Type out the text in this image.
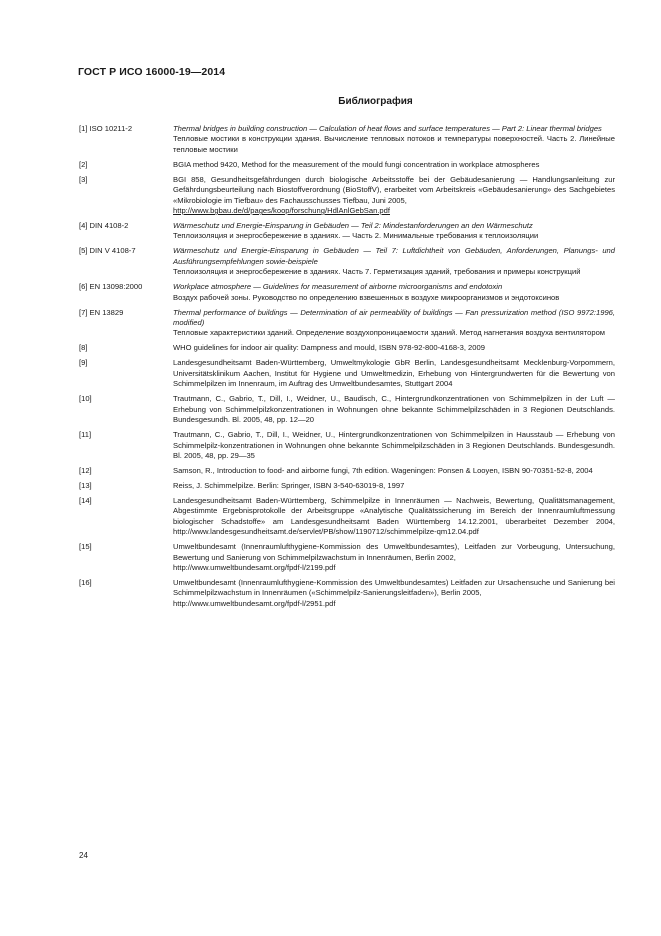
ГОСТ Р ИСО 16000-19—2014
Библиография
[1] ISO 10211-2	Thermal bridges in building construction — Calculation of heat flows and surface temperatures — Part 2: Linear thermal bridges

Тепловые мостики в конструкции здания. Вычисление тепловых потоков и температуры поверхностей. Часть 2. Линейные тепловые мостики

[2]	BGIA method 9420, Method for the measurement of the mould fungi concentration in workplace atmospheres

[3]	BGI 858, Gesundheitsgefährdungen durch biologische Arbeitsstoffe bei der Gebäudesanierung — Handlungsanleitung zur Gefährdungsbeurteilung nach Biostoffverordnung (BioStoffV), erarbeitet vom Arbeitskreis «Gebäudesanierung» des Sachgebietes «Mikrobiologie im Tiefbau» des Fachausschusses Tiefbau, Juni 2005,

http://www.bgbau.de/d/pages/koop/forschung/HdlAnlGebSan.pdf

[4] DIN 4108-2	Wärmeschutz und Energie-Einsparung in Gebäuden — Teil 2: Mindestanforderungen an den Wärmeschutz

Теплоизоляция и энергосбережение в зданиях. — Часть 2. Минимальные требования к теплоизоляции

[5] DIN V 4108-7	Wärmeschutz und Energie-Einsparung in Gebäuden — Teil 7: Luftdichtheit von Gebäuden, Anforderungen, Planungs- und Ausführungsempfehlungen sowie-beispiele

Теплоизоляция и энергосбережение в зданиях. Часть 7. Герметизация зданий, требования и примеры конструкций

[6] EN 13098:2000	Workplace atmosphere — Guidelines for measurement of airborne microorganisms and endotoxin

Воздух рабочей зоны. Руководство по определению взвешенных в воздухе микроорганизмов и эндотоксинов

[7] EN 13829	Thermal performance of buildings — Determination of air permeability of buildings — Fan pressurization method (ISO 9972:1996, modified)

Тепловые характеристики зданий. Определение воздухопроницаемости зданий. Метод нагнетания воздуха вентилятором

[8]	WHO guidelines for indoor air quality: Dampness and mould, ISBN 978-92-800-4168-3, 2009

[9]	Landesgesundheitsamt Baden-Württemberg, Umweltmykologie GbR Berlin, Landesgesundheitsamt Mecklenburg-Vorpommern, Universitätsklinikum Aachen, Institut für Hygiene und Umweltmedizin, Erhebung von Hintergrundwerten für die Bewertung von Schimmelpilzen im Innenraum, im Auftrag des Umweltbundesamtes, Stuttgart 2004

[10]	Trautmann, C., Gabrio, T., Dill, I., Weidner, U., Baudisch, C., Hintergrundkonzentrationen von Schimmelpilzen in der Luft — Erhebung von Schimmelpilzkonzentrationen in Wohnungen ohne bekannte Schimmelpilzschäden in 3 Regionen Deutschlands. Bundesgesundh. Bl. 2005, 48, pp. 12—20

[11]	Trautmann, C., Gabrio, T., Dill, I., Weidner, U., Hintergrundkonzentrationen von Schimmelpilzen in Hausstaub — Erhebung von Schimmelpilz-konzentrationen in Wohnungen ohne bekannte Schimmelpilzschäden in 3 Regionen Deutschlands. Bundesgesundh. Bl. 2005, 48, pp. 29—35

[12]	Samson, R., Introduction to food- and airborne fungi, 7th edition. Wageningen: Ponsen & Looyen, ISBN 90-70351-52-8, 2004

[13]	Reiss, J. Schimmelpilze. Berlin: Springer, ISBN 3-540-63019-8, 1997

[14]	Landesgesundheitsamt Baden-Württemberg, Schimmelpilze in Innenräumen — Nachweis, Bewertung, Qualitätsmanagement, Abgestimmte Ergebnisprotokolle der Arbeitsgruppe «Analytische Qualitätssicherung im Bereich der Innenraumluftmessung biologischer Schadstoffe» am Landesgesundheitsamt Baden Württemberg 14.12.2001, überarbeitet Dezember 2004, http://www.landesgesundheitsamt.de/servlet/PB/show/1190712/schimmelpilze-qm12.04.pdf

[15]	Umweltbundesamt (Innenraumlufthygiene-Kommission des Umweltbundesamtes), Leitfaden zur Vorbeugung, Untersuchung, Bewertung und Sanierung von Schimmelpilzwachstum in Innenräumen, Berlin 2002,

http://www.umweltbundesamt.org/fpdf-l/2199.pdf

[16]	Umweltbundesamt (Innenraumlufthygiene-Kommission des Umweltbundesamtes) Leitfaden zur Ursachensuche und Sanierung bei Schimmelpilzwachstum in Innenräumen («Schimmelpilz-Sanierungsleitfaden»), Berlin 2005,

http://www.umweltbundesamt.org/fpdf-l/2951.pdf

24
